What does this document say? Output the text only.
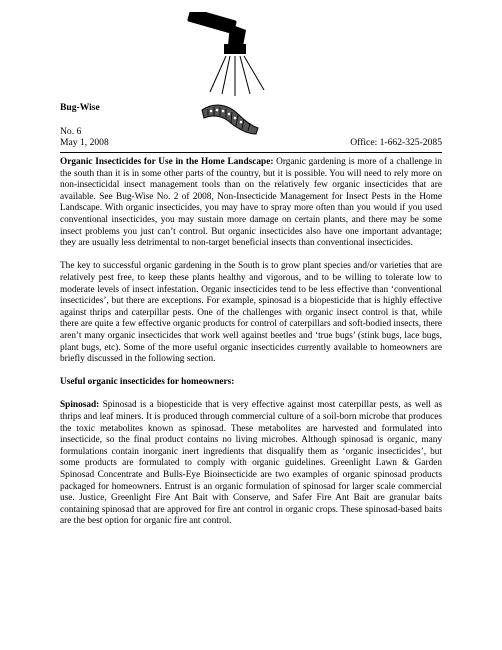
Bug-Wise
No. 6
May 1, 2008	Office: 1-662-325-2085

Organic Insecticides for Use in the Home Landscape: Organic gardening is more of a challenge in the south than it is in some other parts of the country, but it is possible. You will need to rely more on non-insecticidal insect management tools than on the relatively few organic insecticides that are available. See Bug-Wise No. 2 of 2008, Non-Insecticide Management for Insect Pests in the Home Landscape. With organic insecticides, you may have to spray more often than you would if you used conventional insecticides, you may sustain more damage on certain plants, and there may be some insect problems you just can’t control. But organic insecticides also have one important advantage; they are usually less detrimental to non-target beneficial insects than conventional insecticides.

The key to successful organic gardening in the South is to grow plant species and/or varieties that are relatively pest free, to keep these plants healthy and vigorous, and to be willing to tolerate low to moderate levels of insect infestation. Organic insecticides tend to be less effective than ‘conventional insecticides’, but there are exceptions. For example, spinosad is a biopesticide that is highly effective against thrips and caterpillar pests. One of the challenges with organic insect control is that, while there are quite a few effective organic products for control of caterpillars and soft-bodied insects, there aren’t many organic insecticides that work well against beetles and ‘true bugs’ (stink bugs, lace bugs, plant bugs, etc). Some of the more useful organic insecticides currently available to homeowners are briefly discussed in the following section.

Useful organic insecticides for homeowners:

Spinosad: Spinosad is a biopesticide that is very effective against most caterpillar pests, as well as thrips and leaf miners. It is produced through commercial culture of a soil-born microbe that produces the toxic metabolites known as spinosad. These metabolites are harvested and formulated into insecticide, so the final product contains no living microbes. Although spinosad is organic, many formulations contain inorganic inert ingredients that disqualify them as ‘organic insecticides’, but some products are formulated to comply with organic guidelines. Greenlight Lawn & Garden Spinosad Concentrate and Bulls-Eye Bioinsecticide are two examples of organic spinosad products packaged for homeowners. Entrust is an organic formulation of spinosad for larger scale commercial use. Justice, Greenlight Fire Ant Bait with Conserve, and Safer Fire Ant Bait are granular baits containing spinosad that are approved for fire ant control in organic crops. These spinosad-based baits are the best option for organic fire ant control.
